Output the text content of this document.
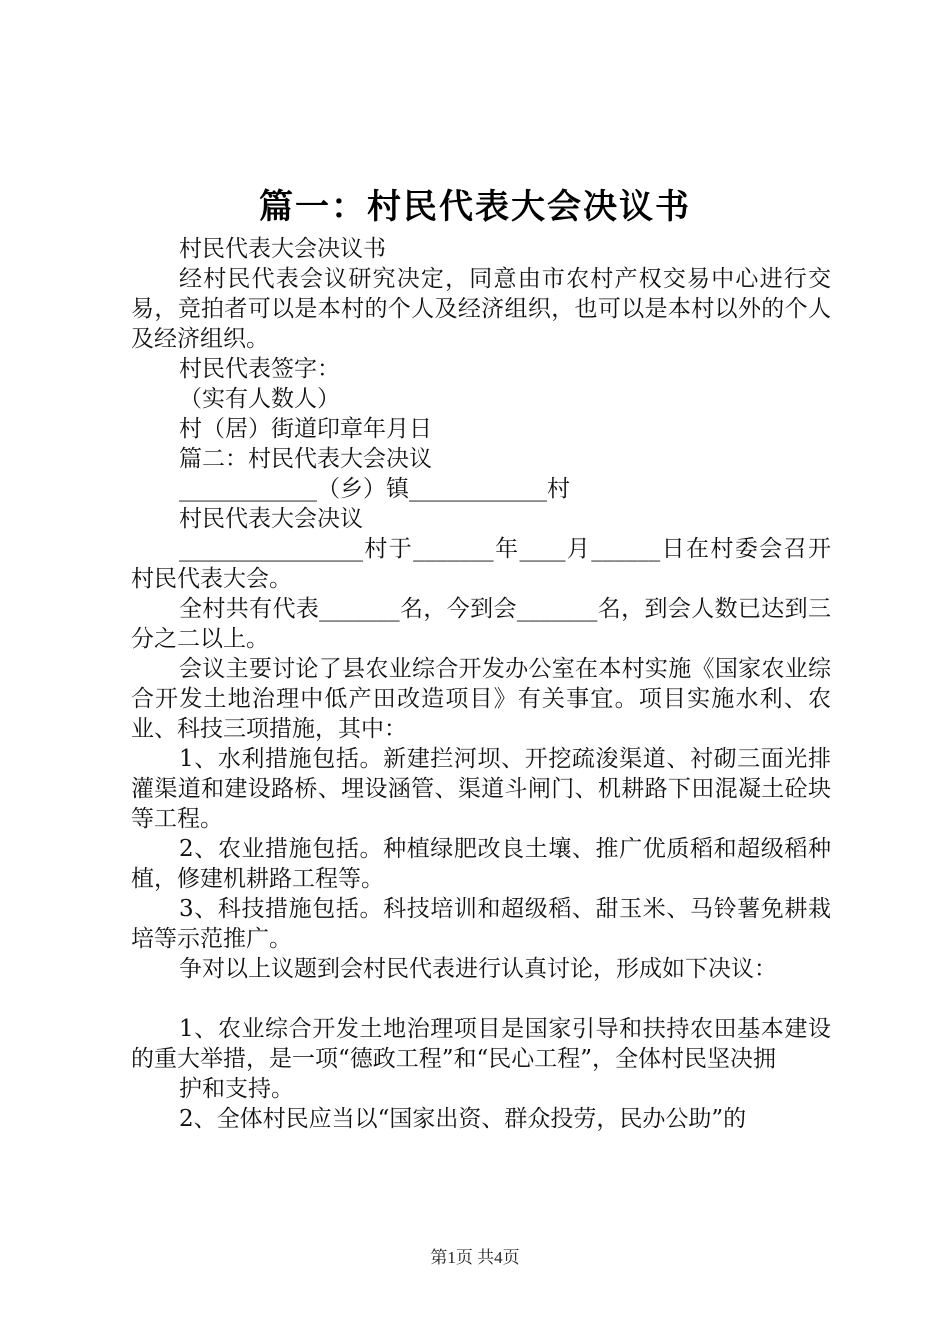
篇一：村民代表大会决议书

村民代表大会决议书

经村民代表会议研究决定，同意由市农村产权交易中心进行交易，竞拍者可以是本村的个人及经济组织，也可以是本村以外的个人及经济组织。

村民代表签字：

（实有人数人）

村（居）街道印章年月日

篇二：村民代表大会决议

____________（乡）镇____________村

村民代表大会决议

________________村于_______年____月______日在村委会召开村民代表大会。

全村共有代表_______名，今到会_______名，到会人数已达到三分之二以上。

会议主要讨论了县农业综合开发办公室在本村实施《国家农业综合开发土地治理中低产田改造项目》有关事宜。项目实施水利、农业、科技三项措施，其中：

1、水利措施包括。新建拦河坝、开挖疏浚渠道、衬砌三面光排灌渠道和建设路桥、埋设涵管、渠道斗闸门、机耕路下田混凝土砼块等工程。

2、农业措施包括。种植绿肥改良土壤、推广优质稻和超级稻种植，修建机耕路工程等。

3、科技措施包括。科技培训和超级稻、甜玉米、马铃薯免耕栽培等示范推广。

争对以上议题到会村民代表进行认真讨论，形成如下决议：

1、农业综合开发土地治理项目是国家引导和扶持农田基本建设的重大举措，是一项“德政工程”和“民心工程”，全体村民坚决拥

护和支持。

2、全体村民应当以“国家出资、群众投劳，民办公助”的

第1页 共4页
